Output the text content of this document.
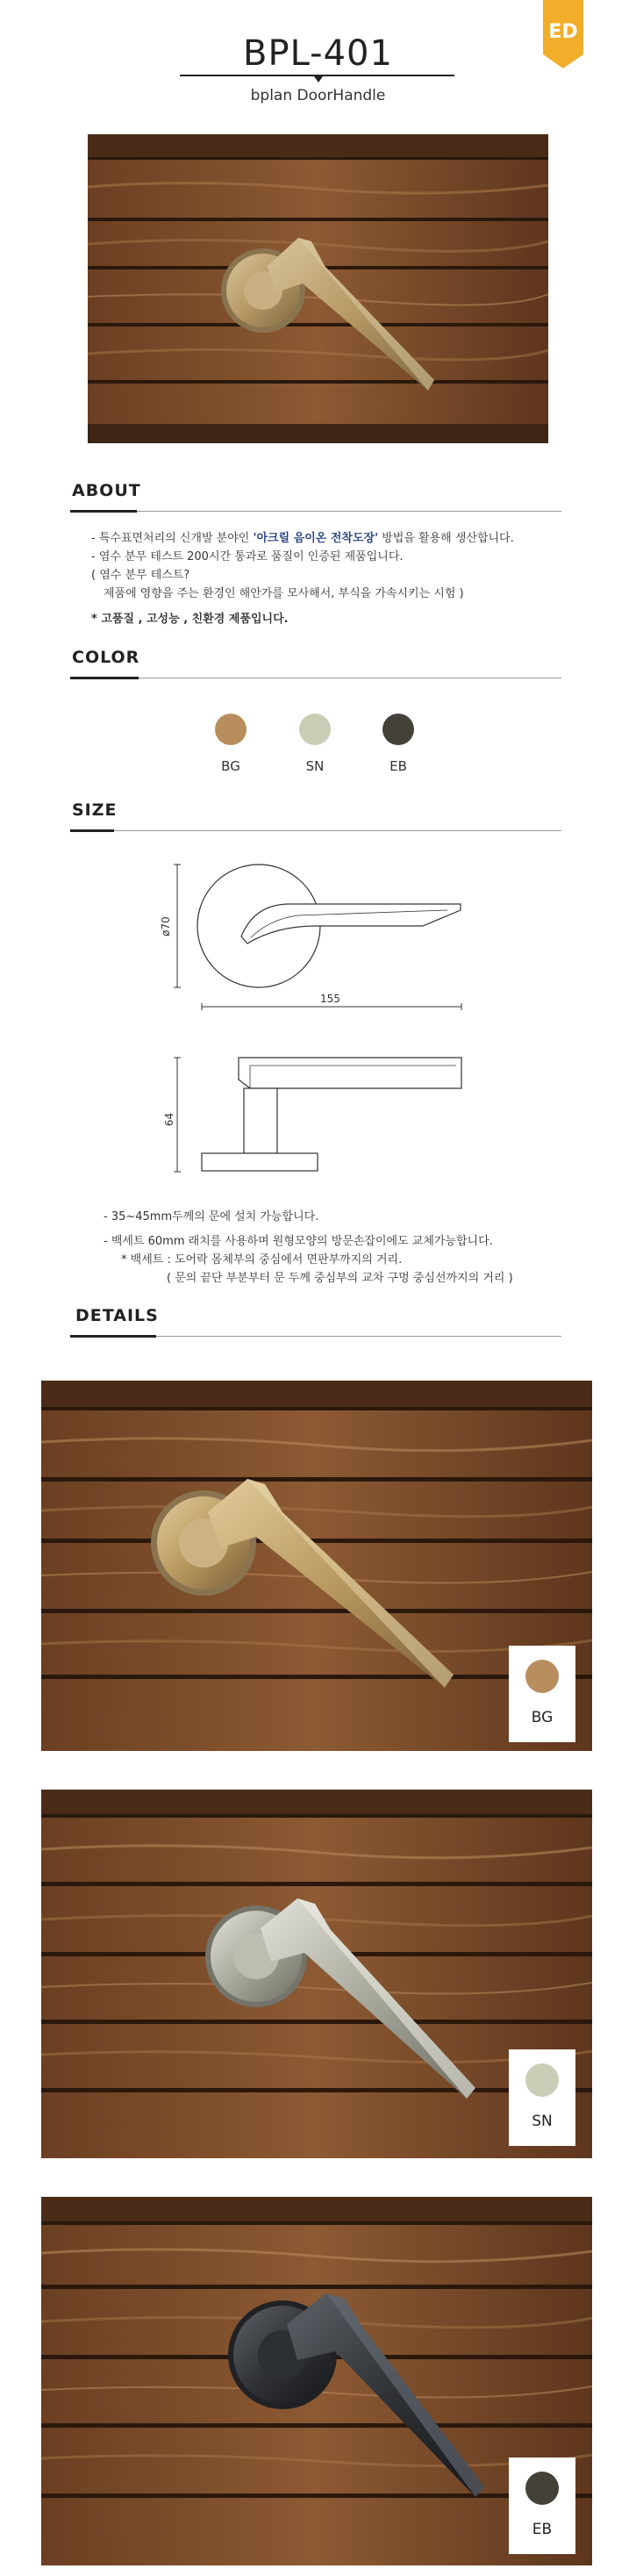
ED
BPL-401
bplan DoorHandle
ABOUT
- 특수표면처리의 신개발 분야인 '아크릴 음이온 전착도장' 방법을 활용해 생산합니다.
- 염수 분무 테스트 200시간 통과로 품질이 인증된 제품입니다.
( 염수 분무 테스트?
제품에 영향을 주는 환경인 해안가를 모사해서, 부식을 가속시키는 시험 )
* 고품질 , 고성능 , 친환경 제품입니다.
COLOR
BG	SN	EB
SIZE
ø70
155
64
- 35~45mm두께의 문에 설치 가능합니다.
- 백세트 60mm 래치를 사용하며 원형모양의 방문손잡이에도 교체가능합니다.
* 백세트 : 도어락 몸체부의 중심에서 면판부까지의 거리.
( 문의 끝단 부분부터 문 두께 중심부의 교차 구멍 중심선까지의 거리 )
DETAILS
BG
SN
EB
